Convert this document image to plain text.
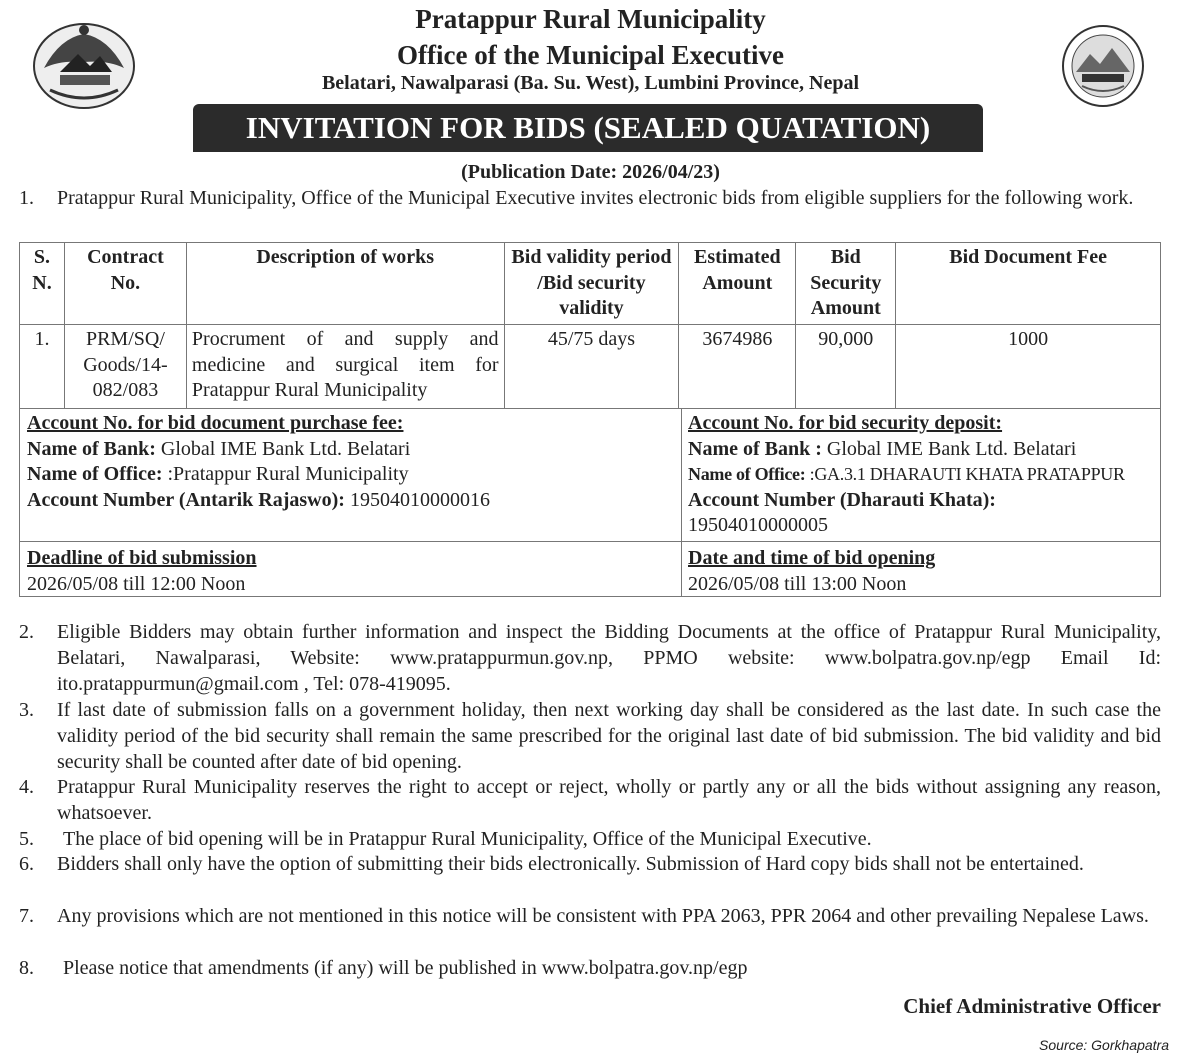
Pratappur Rural Municipality
Office of the Municipal Executive
Belatari, Nawalparasi (Ba. Su. West), Lumbini Province, Nepal
INVITATION FOR BIDS (SEALED QUATATION)
(Publication Date: 2026/04/23)
1. Pratappur Rural Municipality, Office of the Municipal Executive invites electronic bids from eligible suppliers for the following work.
S. N.	Contract No.	Description of works	Bid validity period /Bid security validity	Estimated Amount	Bid Security Amount	Bid Document Fee
1.	PRM/SQ/ Goods/14-082/083	Procrument of and supply and medicine and surgical item for Pratappur Rural Municipality	45/75 days	3674986	90,000	1000
Account No. for bid document purchase fee:
Name of Bank: Global IME Bank Ltd. Belatari
Name of Office: :Pratappur Rural Municipality
Account Number (Antarik Rajaswo): 19504010000016
Account No. for bid security deposit:
Name of Bank : Global IME Bank Ltd. Belatari
Name of Office: :GA.3.1 DHARAUTI KHATA PRATAPPUR
Account Number (Dharauti Khata):
19504010000005
Deadline of bid submission
2026/05/08 till 12:00 Noon
Date and time of bid opening
2026/05/08 till 13:00 Noon
2. Eligible Bidders may obtain further information and inspect the Bidding Documents at the office of Pratappur Rural Municipality, Belatari, Nawalparasi, Website: www.pratappurmun.gov.np, PPMO website: www.bolpatra.gov.np/egp Email Id: ito.pratappurmun@gmail.com , Tel: 078-419095.
3. If last date of submission falls on a government holiday, then next working day shall be considered as the last date. In such case the validity period of the bid security shall remain the same prescribed for the original last date of bid submission. The bid validity and bid security shall be counted after date of bid opening.
4. Pratappur Rural Municipality reserves the right to accept or reject, wholly or partly any or all the bids without assigning any reason, whatsoever.
5. The place of bid opening will be in Pratappur Rural Municipality, Office of the Municipal Executive.
6. Bidders shall only have the option of submitting their bids electronically. Submission of Hard copy bids shall not be entertained.
7. Any provisions which are not mentioned in this notice will be consistent with PPA 2063, PPR 2064 and other prevailing Nepalese Laws.
8. Please notice that amendments (if any) will be published in www.bolpatra.gov.np/egp
Chief Administrative Officer
Source: Gorkhapatra
